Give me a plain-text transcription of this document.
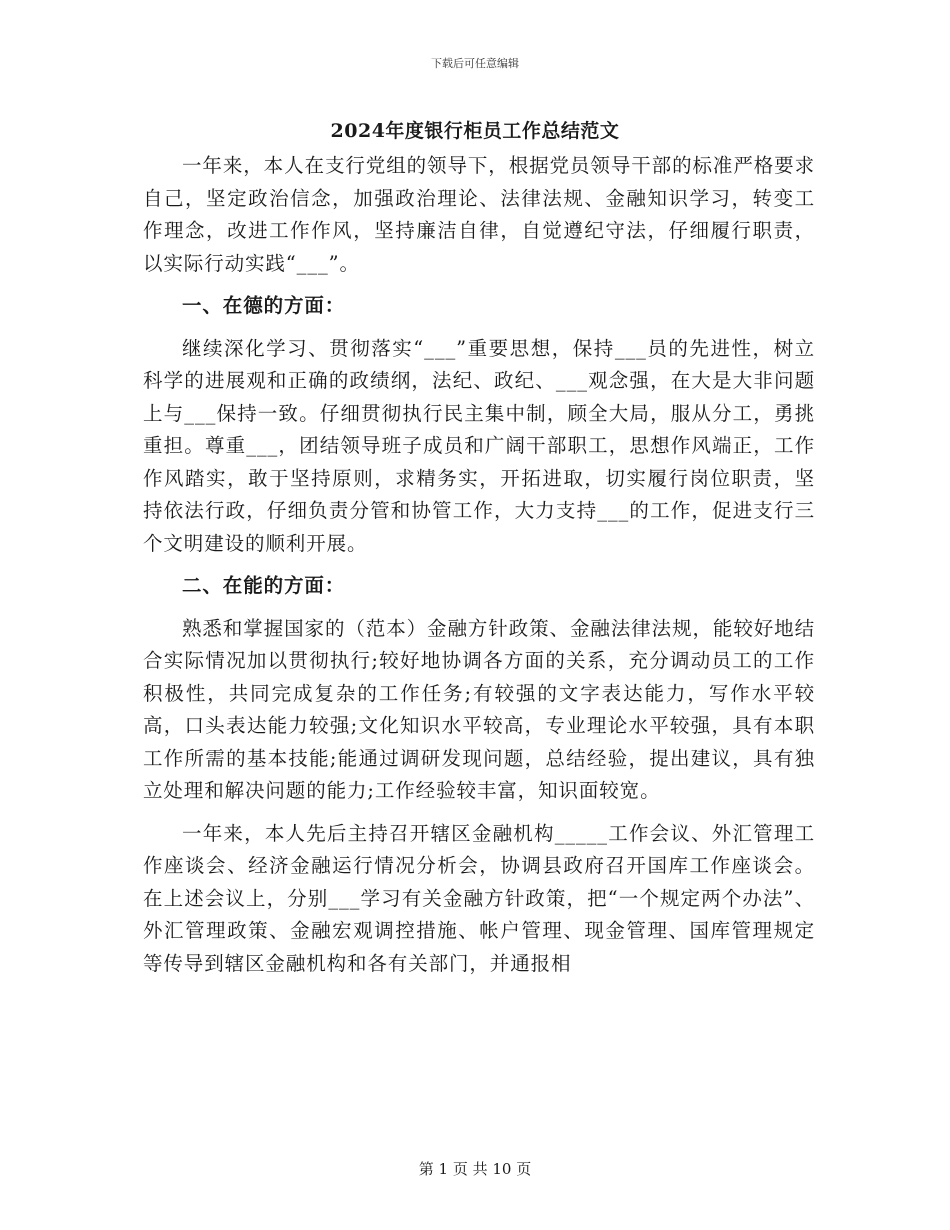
下载后可任意编辑
2024年度银行柜员工作总结范文

一年来，本人在支行党组的领导下，根据党员领导干部的标准严格要求自己，坚定政治信念，加强政治理论、法律法规、金融知识学习，转变工作理念，改进工作作风，坚持廉洁自律，自觉遵纪守法，仔细履行职责，以实际行动实践“___”。

一、在德的方面：

继续深化学习、贯彻落实“___”重要思想，保持___员的先进性，树立科学的进展观和正确的政绩纲，法纪、政纪、___观念强，在大是大非问题上与___保持一致。仔细贯彻执行民主集中制，顾全大局，服从分工，勇挑重担。尊重___，团结领导班子成员和广阔干部职工，思想作风端正，工作作风踏实，敢于坚持原则，求精务实，开拓进取，切实履行岗位职责，坚持依法行政，仔细负责分管和协管工作，大力支持___的工作，促进支行三个文明建设的顺利开展。

二、在能的方面：

熟悉和掌握国家的（范本）金融方针政策、金融法律法规，能较好地结合实际情况加以贯彻执行;较好地协调各方面的关系，充分调动员工的工作积极性，共同完成复杂的工作任务;有较强的文字表达能力，写作水平较高，口头表达能力较强;文化知识水平较高，专业理论水平较强，具有本职工作所需的基本技能;能通过调研发现问题，总结经验，提出建议，具有独立处理和解决问题的能力;工作经验较丰富，知识面较宽。

一年来，本人先后主持召开辖区金融机构_____工作会议、外汇管理工作座谈会、经济金融运行情况分析会，协调县政府召开国库工作座谈会。在上述会议上，分别___学习有关金融方针政策，把“一个规定两个办法”、外汇管理政策、金融宏观调控措施、帐户管理、现金管理、国库管理规定等传导到辖区金融机构和各有关部门，并通报相

第 1 页 共 10 页
